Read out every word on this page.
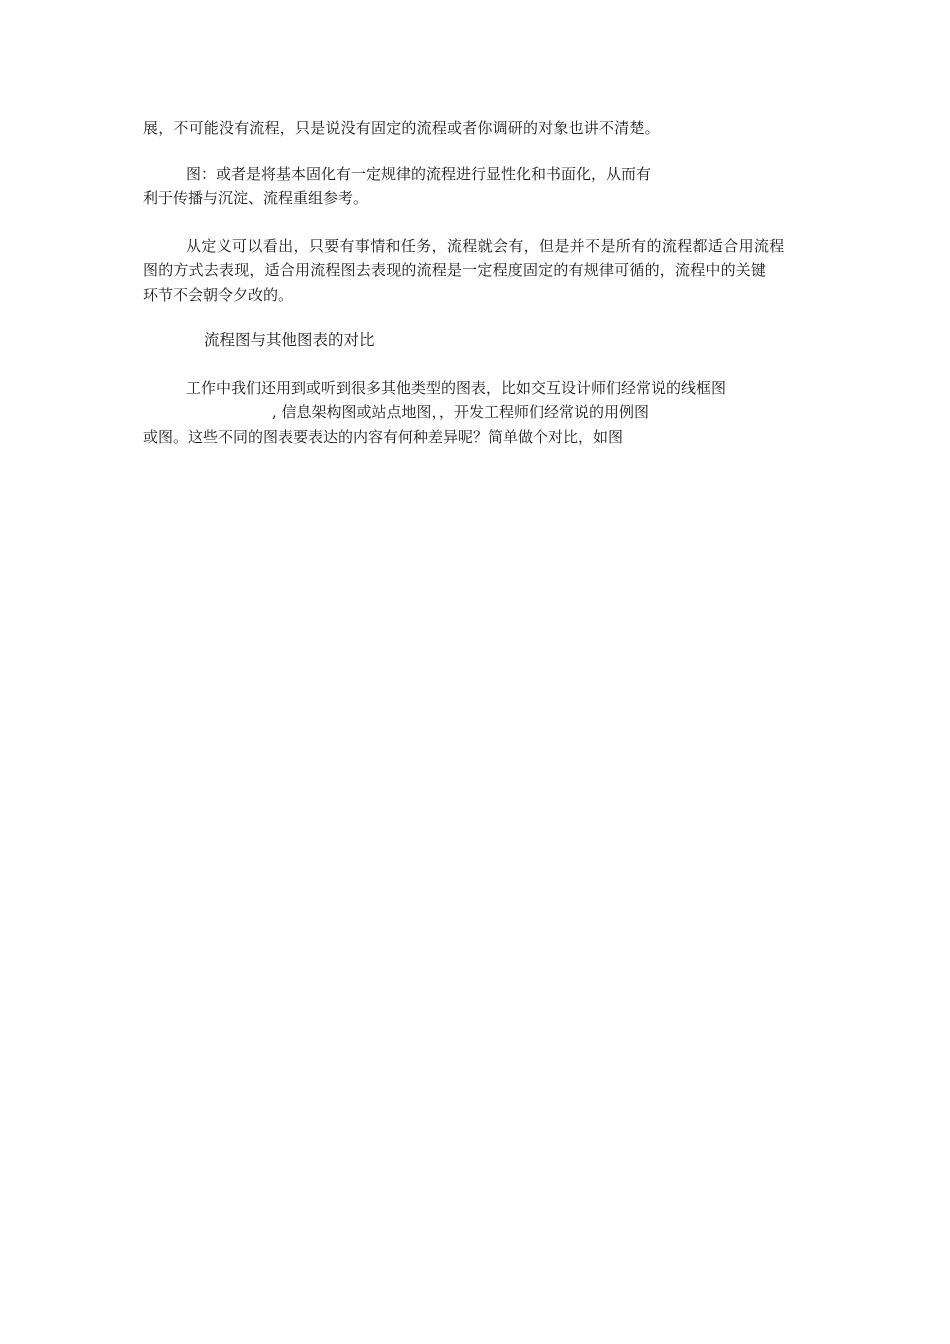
展，不可能没有流程，只是说没有固定的流程或者你调研的对象也讲不清楚。

图：或者是将基本固化有一定规律的流程进行显性化和书面化，从而有

利于传播与沉淀、流程重组参考。

从定义可以看出，只要有事情和任务，流程就会有，但是并不是所有的流程都适合用流程

图的方式去表现，适合用流程图去表现的流程是一定程度固定的有规律可循的，流程中的关键

环节不会朝令夕改的。

流程图与其他图表的对比

工作中我们还用到或听到很多其他类型的图表，比如交互设计师们经常说的线框图

, 信息架构图或站点地图，，开发工程师们经常说的用例图

或图。这些不同的图表要表达的内容有何种差异呢？简单做个对比，如图
